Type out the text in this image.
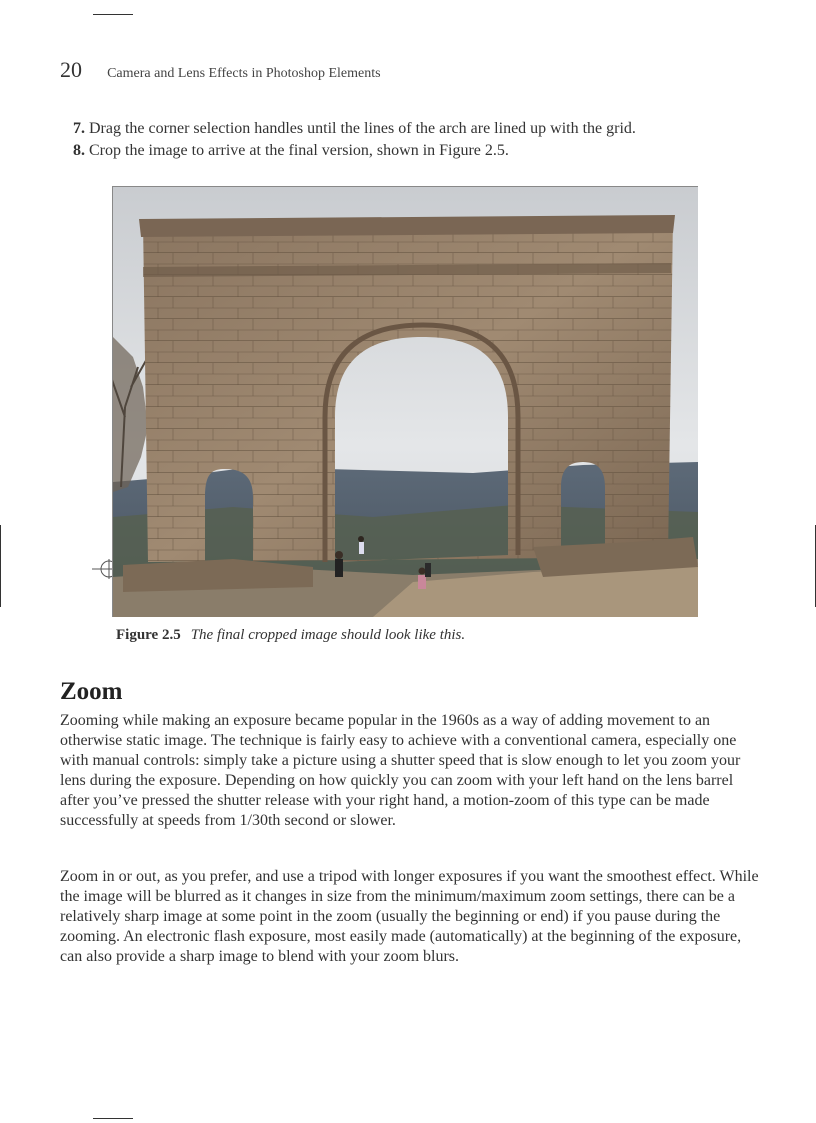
20 Camera and Lens Effects in Photoshop Elements
7. Drag the corner selection handles until the lines of the arch are lined up with the grid.
8. Crop the image to arrive at the final version, shown in Figure 2.5.
Figure 2.5 The final cropped image should look like this.
Zoom

Zooming while making an exposure became popular in the 1960s as a way of adding movement to an otherwise static image. The technique is fairly easy to achieve with a conventional camera, especially one with manual controls: simply take a picture using a shutter speed that is slow enough to let you zoom your lens during the exposure. Depending on how quickly you can zoom with your left hand on the lens barrel after you’ve pressed the shutter release with your right hand, a motion-zoom of this type can be made successfully at speeds from 1/30th second or slower.

Zoom in or out, as you prefer, and use a tripod with longer exposures if you want the smoothest effect. While the image will be blurred as it changes in size from the minimum/maximum zoom settings, there can be a relatively sharp image at some point in the zoom (usually the beginning or end) if you pause during the zooming. An electronic flash exposure, most easily made (automatically) at the beginning of the exposure, can also provide a sharp image to blend with your zoom blurs.
